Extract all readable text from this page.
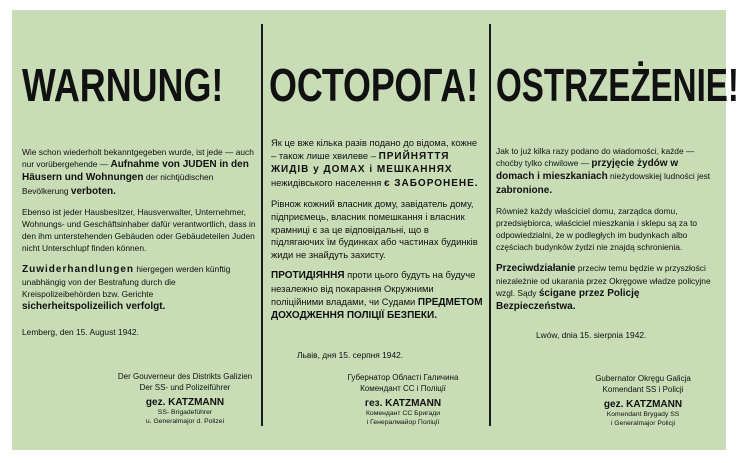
WARNUNG!

Wie schon wiederholt bekanntgegeben wurde, ist jede — auch nur vorübergehende — Aufnahme von JUDEN in den Häusern und Wohnungen der nichtjüdischen Bevölkerung verboten.

Ebenso ist jeder Hausbesitzer, Hausverwalter, Unternehmer, Wohnungs- und Geschäftsinhaber dafür verantwortlich, dass in den ihm unterstehenden Gebäuden oder Gebäudeteilen Juden nicht Unterschlupf finden können.

Zuwiderhandlungen hiergegen werden künftig unabhängig von der Bestrafung durch die Kreispolizeibehörden bzw. Gerichte sicherheitspolizeilich verfolgt.

Lemberg, den 15. August 1942.
Der Gouverneur des Distrikts Galizien
Der SS- und Polizeiführer
gez. KATZMANN
SS- Brigadeführer
u. Generalmajor d. Polizei
ОСТОРОГА!

Як це вже кілька разів подано до відома, кожне – також лише хвилеве – ПРИЙНЯТТЯ ЖИДІВ у ДОМАХ і МЕШКАННЯХ нежидівського населення є ЗАБОРОНЕНЕ.

Рівнож кожний власник дому, завідатель дому, підприємець, власник помешкання і власник крамниці є за це відповідальні, що в підлягаючих їм будинках або частинах будинків жиди не знайдуть захисту.

ПРОТИДІЯННЯ проти цього будуть на будуче незалежно від покарання Окружними поліційними владами, чи Судами ПРЕДМЕТОМ ДОХОДЖЕННЯ ПОЛІЦІЇ БЕЗПЕКИ.

Львів, дня 15. серпня 1942.
Губернатор Області Галичина
Комендант СС і Поліції
гез. KATZMANN
Комендант СС Бригади
і Генералмайор Поліції
OSTRZEŻENIE!

Jak to już kilka razy podano do wiadomości, każde — choćby tylko chwilowe — przyjęcie żydów w domach i mieszkaniach nieżydowskiej ludności jest zabronione.

Również każdy właściciel domu, zarządca domu, przedsiębiorca, właściciel mieszkania i sklepu są za to odpowiedzialni, że w podległych im budynkach albo częściach budynków żydzi nie znajdą schronienia.

Przeciwdziałanie przeciw temu będzie w przyszłości niezależnie od ukarania przez Okręgowe władze policyjne wzgl. Sądy ścigane przez Policję Bezpieczeństwa.

Lwów, dnia 15. sierpnia 1942.
Gubernator Okręgu Galicja
Komendant SS i Policji
gez. KATZMANN
Komendant Brygady SS
i Generalmajor Policji
